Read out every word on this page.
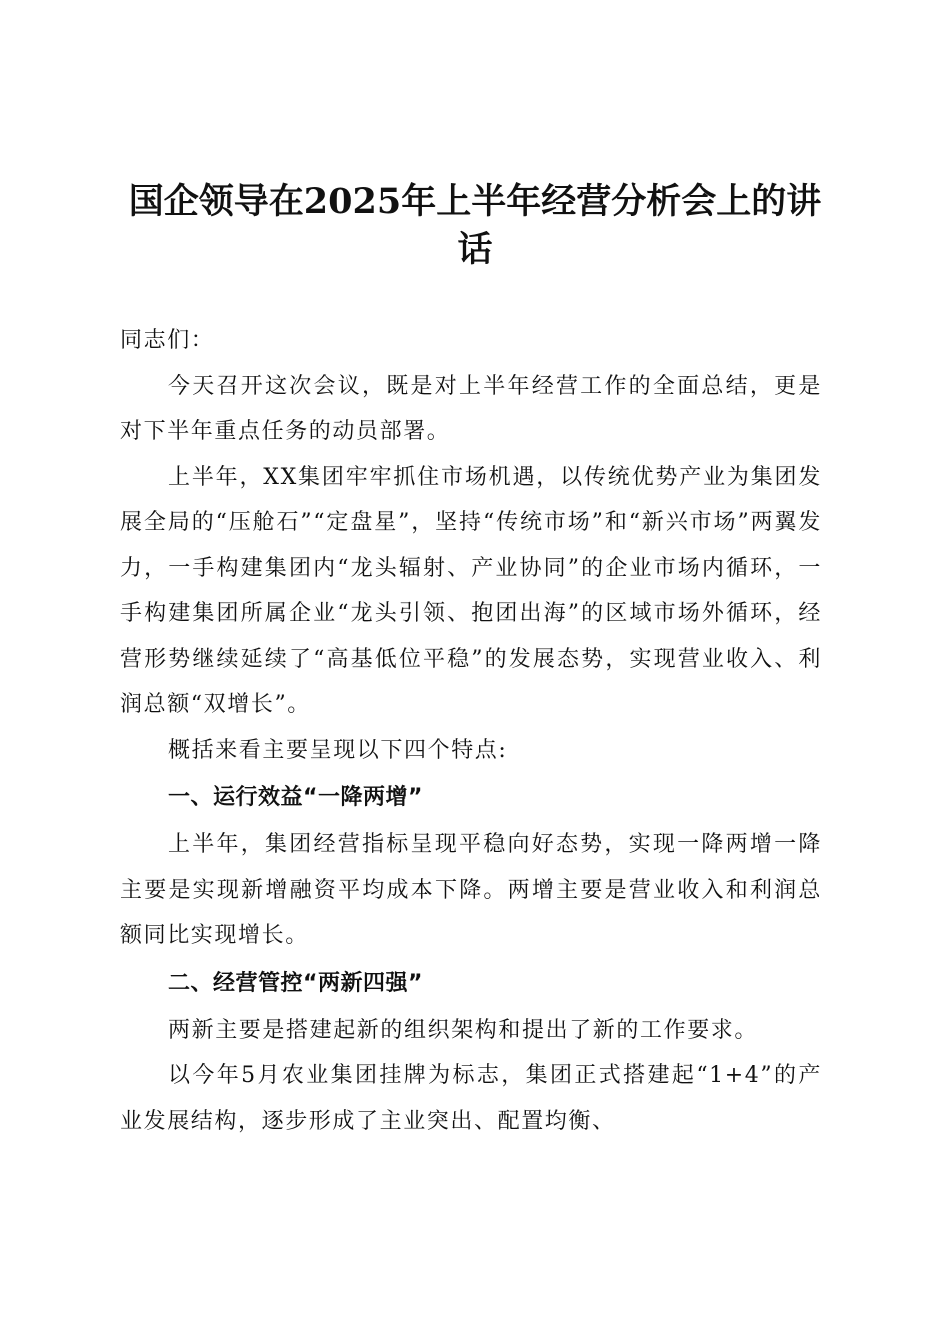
国企领导在2025年上半年经营分析会上的讲话

同志们：

今天召开这次会议，既是对上半年经营工作的全面总结，更是对下半年重点任务的动员部署。

上半年，XX集团牢牢抓住市场机遇，以传统优势产业为集团发展全局的“压舱石”“定盘星”，坚持“传统市场”和“新兴市场”两翼发力，一手构建集团内“龙头辐射、产业协同”的企业市场内循环，一手构建集团所属企业“龙头引领、抱团出海”的区域市场外循环，经营形势继续延续了“高基低位平稳”的发展态势，实现营业收入、利润总额“双增长”。

概括来看主要呈现以下四个特点:

一、运行效益“一降两增”

上半年，集团经营指标呈现平稳向好态势，实现一降两增一降主要是实现新增融资平均成本下降。两增主要是营业收入和利润总额同比实现增长。

二、经营管控“两新四强”

两新主要是搭建起新的组织架构和提出了新的工作要求。

以今年5月农业集团挂牌为标志，集团正式搭建起“1+4”的产业发展结构，逐步形成了主业突出、配置均衡、
